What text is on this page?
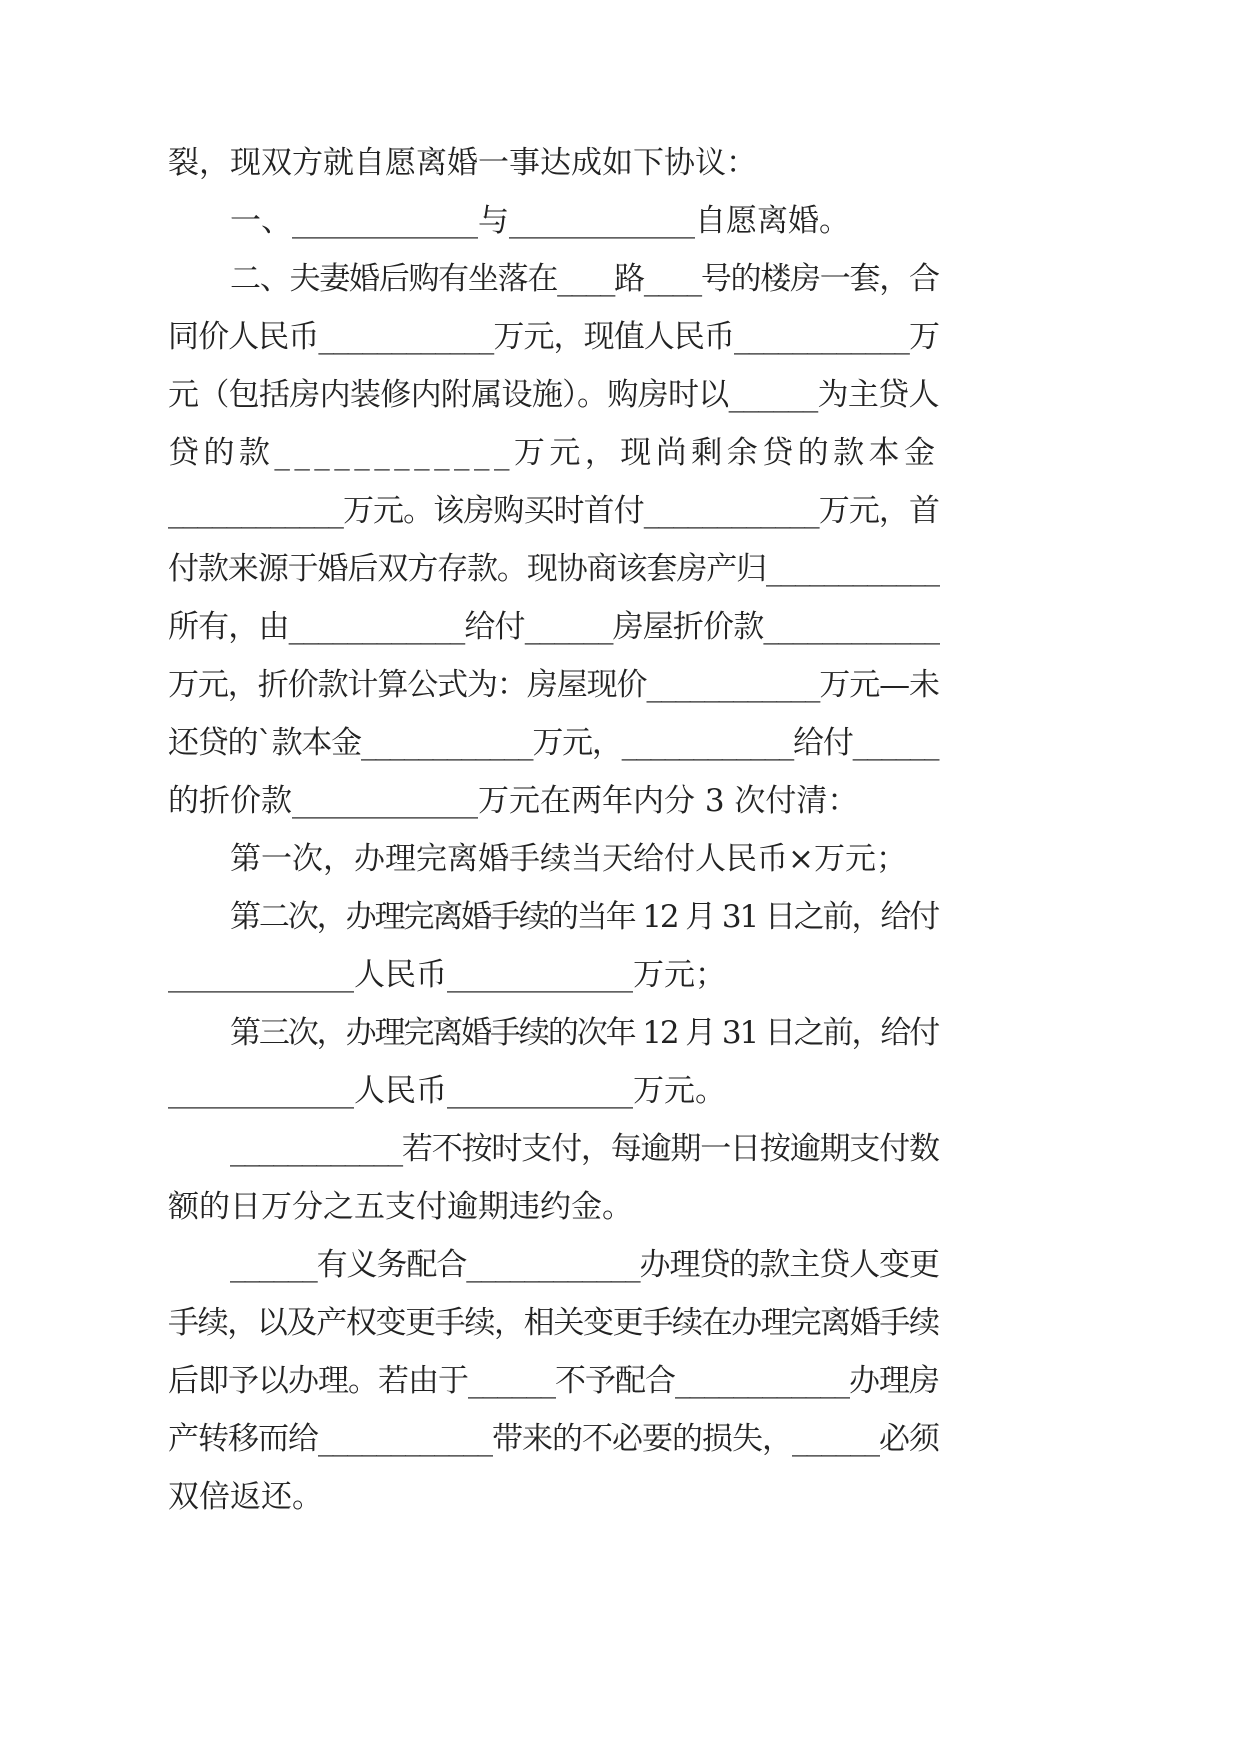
裂，现双方就自愿离婚一事达成如下协议：
一、____________与____________自愿离婚。
二、夫妻婚后购有坐落在____路____号的楼房一套，合
同价人民币____________万元，现值人民币____________万
元（包括房内装修内附属设施）。购房时以______为主贷人
贷的款____________万元，现尚剩余贷的款本金
____________万元。该房购买时首付____________万元，首
付款来源于婚后双方存款。现协商该套房产归____________
所有，由____________给付______房屋折价款____________
万元，折价款计算公式为：房屋现价____________万元—未
还贷的`款本金____________万元，____________给付______
的折价款____________万元在两年内分 3 次付清：
第一次，办理完离婚手续当天给付人民币×万元；
第二次，办理完离婚手续的当年 12 月 31 日之前，给付
____________人民币____________万元；
第三次，办理完离婚手续的次年 12 月 31 日之前，给付
____________人民币____________万元。
____________若不按时支付，每逾期一日按逾期支付数
额的日万分之五支付逾期违约金。
______有义务配合____________办理贷的款主贷人变更
手续，以及产权变更手续，相关变更手续在办理完离婚手续
后即予以办理。若由于______不予配合____________办理房
产转移而给____________带来的不必要的损失，______必须
双倍返还。
